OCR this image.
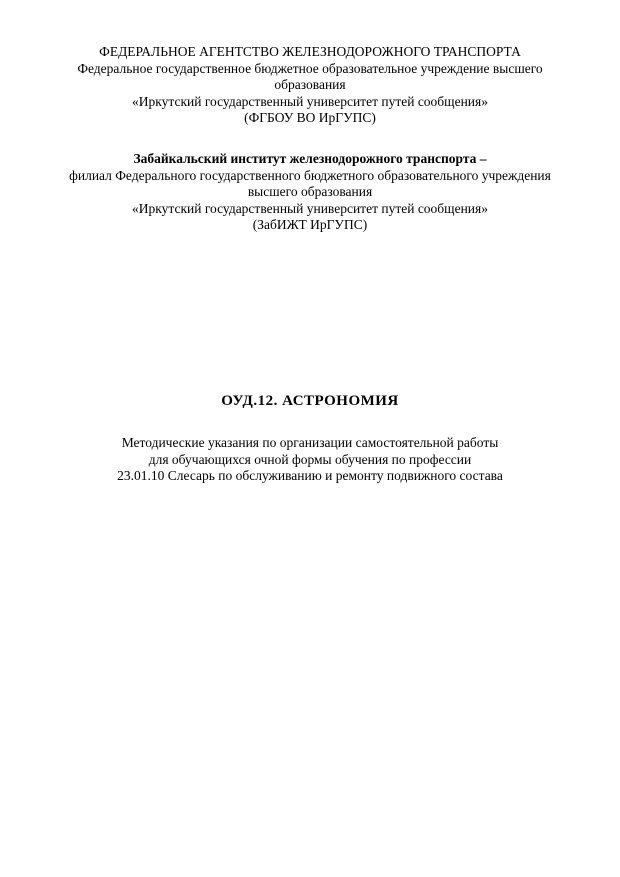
ФЕДЕРАЛЬНОЕ АГЕНТСТВО ЖЕЛЕЗНОДОРОЖНОГО ТРАНСПОРТА
Федеральное государственное бюджетное образовательное учреждение высшего
образования
«Иркутский государственный университет путей сообщения»
(ФГБОУ ВО ИрГУПС)
Забайкальский институт железнодорожного транспорта –
филиал Федерального государственного бюджетного образовательного учреждения
высшего образования
«Иркутский государственный университет путей сообщения»
(ЗабИЖТ ИрГУПС)
ОУД.12. АСТРОНОМИЯ
Методические указания по организации самостоятельной работы
для обучающихся очной формы обучения по профессии
23.01.10 Слесарь по обслуживанию и ремонту подвижного состава
